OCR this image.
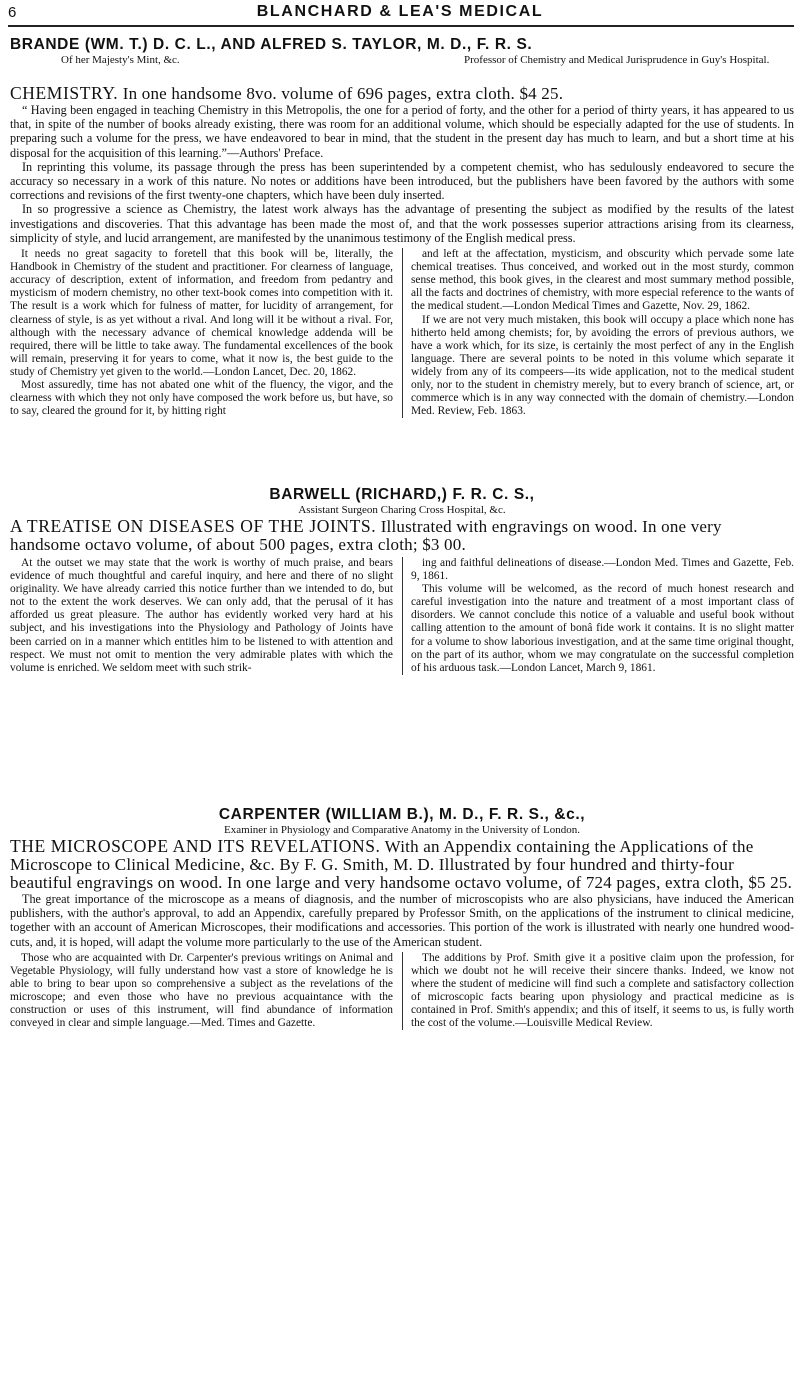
6	BLANCHARD & LEA'S MEDICAL
BRANDE (WM. T.) D. C. L., AND ALFRED S. TAYLOR, M. D., F. R. S.
Of her Majesty's Mint, &c.	Professor of Chemistry and Medical Jurisprudence in Guy's Hospital.
CHEMISTRY. In one handsome 8vo. volume of 696 pages, extra cloth. $4 25.

“ Having been engaged in teaching Chemistry in this Metropolis, the one for a period of forty, and the other for a period of thirty years, it has appeared to us that, in spite of the number of books already existing, there was room for an additional volume, which should be especially adapted for the use of students. In preparing such a volume for the press, we have endeavored to bear in mind, that the student in the present day has much to learn, and but a short time at his disposal for the acquisition of this learning.”—Authors' Preface.

In reprinting this volume, its passage through the press has been superintended by a competent chemist, who has sedulously endeavored to secure the accuracy so necessary in a work of this nature. No notes or additions have been introduced, but the publishers have been favored by the authors with some corrections and revisions of the first twenty-one chapters, which have been duly inserted.

In so progressive a science as Chemistry, the latest work always has the advantage of presenting the subject as modified by the results of the latest investigations and discoveries. That this advantage has been made the most of, and that the work possesses superior attractions arising from its clearness, simplicity of style, and lucid arrangement, are manifested by the unanimous testimony of the English medical press.

It needs no great sagacity to foretell that this book will be, literally, the Handbook in Chemistry of the student and practitioner. For clearness of language, accuracy of description, extent of information, and freedom from pedantry and mysticism of modern chemistry, no other text-book comes into competition with it. The result is a work which for fulness of matter, for lucidity of arrangement, for clearness of style, is as yet without a rival. And long will it be without a rival. For, although with the necessary advance of chemical knowledge addenda will be required, there will be little to take away. The fundamental excellences of the book will remain, preserving it for years to come, what it now is, the best guide to the study of Chemistry yet given to the world.—London Lancet, Dec. 20, 1862.

Most assuredly, time has not abated one whit of the fluency, the vigor, and the clearness with which they not only have composed the work before us, but have, so to say, cleared the ground for it, by hitting right

and left at the affectation, mysticism, and obscurity which pervade some late chemical treatises. Thus conceived, and worked out in the most sturdy, common sense method, this book gives, in the clearest and most summary method possible, all the facts and doctrines of chemistry, with more especial reference to the wants of the medical student.—London Medical Times and Gazette, Nov. 29, 1862.

If we are not very much mistaken, this book will occupy a place which none has hitherto held among chemists; for, by avoiding the errors of previous authors, we have a work which, for its size, is certainly the most perfect of any in the English language. There are several points to be noted in this volume which separate it widely from any of its compeers—its wide application, not to the medical student only, nor to the student in chemistry merely, but to every branch of science, art, or commerce which is in any way connected with the domain of chemistry.—London Med. Review, Feb. 1863.

BARWELL (RICHARD,) F. R. C. S.,
Assistant Surgeon Charing Cross Hospital, &c.
A TREATISE ON DISEASES OF THE JOINTS. Illustrated with engravings on wood. In one very handsome octavo volume, of about 500 pages, extra cloth; $3 00.

At the outset we may state that the work is worthy of much praise, and bears evidence of much thoughtful and careful inquiry, and here and there of no slight originality. We have already carried this notice further than we intended to do, but not to the extent the work deserves. We can only add, that the perusal of it has afforded us great pleasure. The author has evidently worked very hard at his subject, and his investigations into the Physiology and Pathology of Joints have been carried on in a manner which entitles him to be listened to with attention and respect. We must not omit to mention the very admirable plates with which the volume is enriched. We seldom meet with such strik-

ing and faithful delineations of disease.—London Med. Times and Gazette, Feb. 9, 1861.

This volume will be welcomed, as the record of much honest research and careful investigation into the nature and treatment of a most important class of disorders. We cannot conclude this notice of a valuable and useful book without calling attention to the amount of bonâ fide work it contains. It is no slight matter for a volume to show laborious investigation, and at the same time original thought, on the part of its author, whom we may congratulate on the successful completion of his arduous task.—London Lancet, March 9, 1861.

CARPENTER (WILLIAM B.), M. D., F. R. S., &c.,
Examiner in Physiology and Comparative Anatomy in the University of London.
THE MICROSCOPE AND ITS REVELATIONS. With an Appendix containing the Applications of the Microscope to Clinical Medicine, &c. By F. G. Smith, M. D. Illustrated by four hundred and thirty-four beautiful engravings on wood. In one large and very handsome octavo volume, of 724 pages, extra cloth, $5 25.

The great importance of the microscope as a means of diagnosis, and the number of microscopists who are also physicians, have induced the American publishers, with the author's approval, to add an Appendix, carefully prepared by Professor Smith, on the applications of the instrument to clinical medicine, together with an account of American Microscopes, their modifications and accessories. This portion of the work is illustrated with nearly one hundred wood-cuts, and, it is hoped, will adapt the volume more particularly to the use of the American student.

Those who are acquainted with Dr. Carpenter's previous writings on Animal and Vegetable Physiology, will fully understand how vast a store of knowledge he is able to bring to bear upon so comprehensive a subject as the revelations of the microscope; and even those who have no previous acquaintance with the construction or uses of this instrument, will find abundance of information conveyed in clear and simple language.—Med. Times and Gazette.

The additions by Prof. Smith give it a positive claim upon the profession, for which we doubt not he will receive their sincere thanks. Indeed, we know not where the student of medicine will find such a complete and satisfactory collection of microscopic facts bearing upon physiology and practical medicine as is contained in Prof. Smith's appendix; and this of itself, it seems to us, is fully worth the cost of the volume.—Louisville Medical Review.
